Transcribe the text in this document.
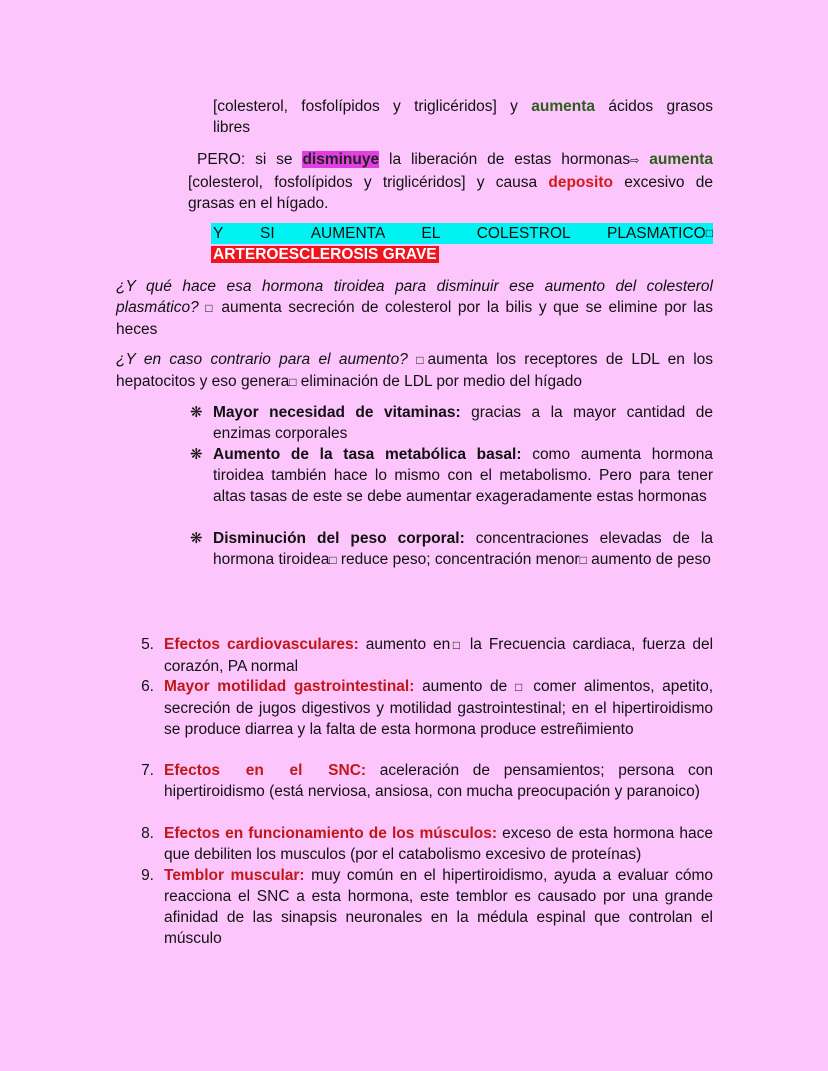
[colesterol, fosfolípidos y triglicéridos] y aumenta ácidos grasos
libres
PERO: si se disminuye la liberación de estas hormonas⇨ aumenta
[colesterol, fosfolípidos y triglicéridos] y causa deposito excesivo de
grasas en el hígado.
Y SI AUMENTA EL COLESTROL PLASMATICO □
ARTEROESCLEROSIS GRAVE
¿Y qué hace esa hormona tiroidea para disminuir ese aumento del colesterol plasmático? □ aumenta secreción de colesterol por la bilis y que se elimine por las heces
¿Y en caso contrario para el aumento? □aumenta los receptores de LDL en los hepatocitos y eso genera□ eliminación de LDL por medio del hígado
❋ Mayor necesidad de vitaminas: gracias a la mayor cantidad de enzimas corporales
❋ Aumento de la tasa metabólica basal: como aumenta hormona tiroidea también hace lo mismo con el metabolismo. Pero para tener altas tasas de este se debe aumentar exageradamente estas hormonas
❋ Disminución del peso corporal: concentraciones elevadas de la hormona tiroidea□ reduce peso; concentración menor□ aumento de peso
5. Efectos cardiovasculares: aumento en□ la Frecuencia cardiaca, fuerza del corazón, PA normal
6. Mayor motilidad gastrointestinal: aumento de □ comer alimentos, apetito, secreción de jugos digestivos y motilidad gastrointestinal; en el hipertiroidismo se produce diarrea y la falta de esta hormona produce estreñimiento
7. Efectos en el SNC: aceleración de pensamientos; persona con hipertiroidismo (está nerviosa, ansiosa, con mucha preocupación y paranoico)
8. Efectos en funcionamiento de los músculos: exceso de esta hormona hace que debiliten los musculos (por el catabolismo excesivo de proteínas)
9. Temblor muscular: muy común en el hipertiroidismo, ayuda a evaluar cómo reacciona el SNC a esta hormona, este temblor es causado por una grande afinidad de las sinapsis neuronales en la médula espinal que controlan el músculo
